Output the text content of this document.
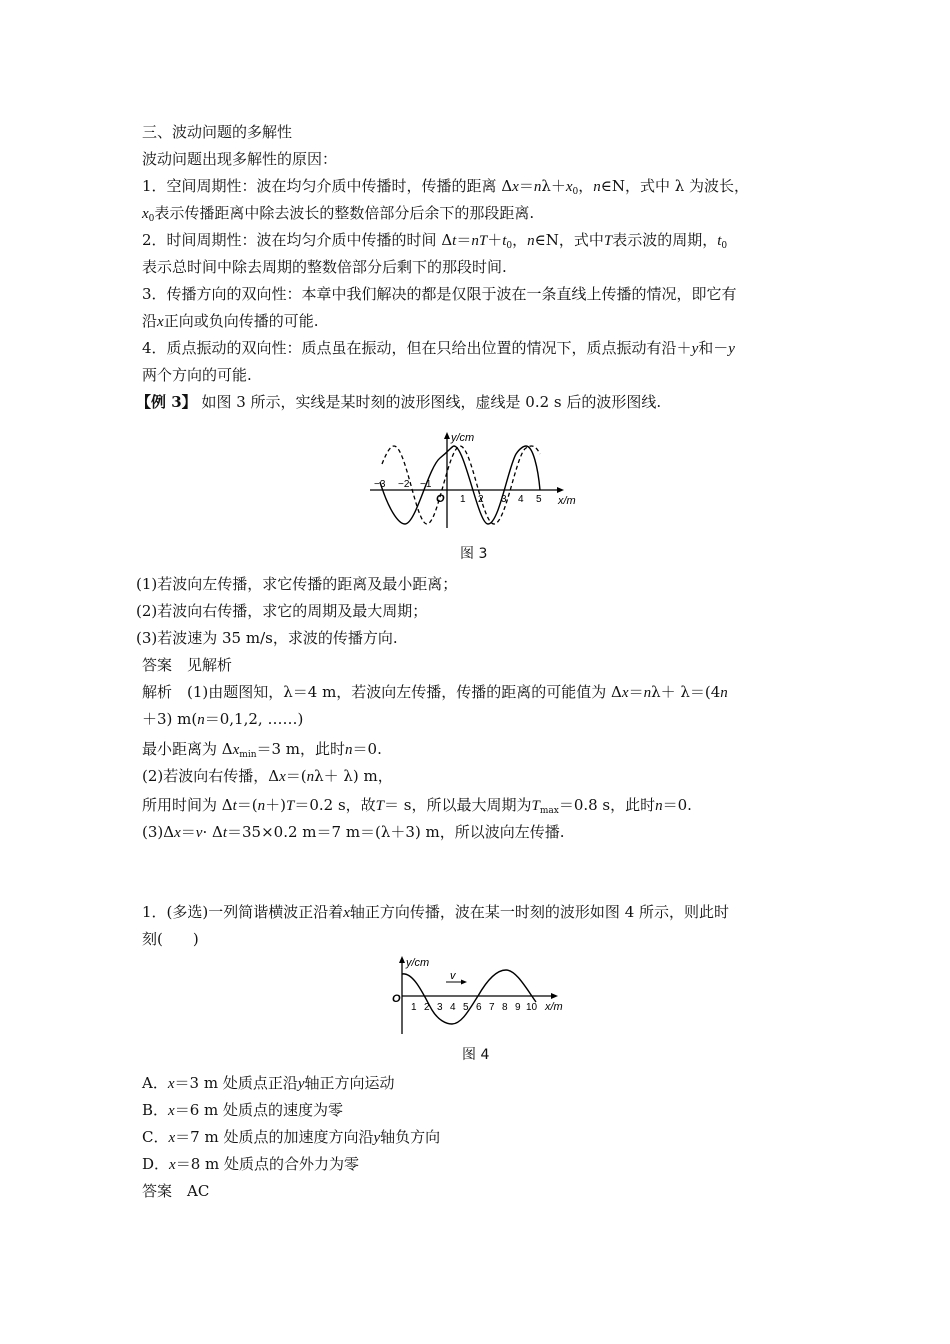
三、波动问题的多解性
波动问题出现多解性的原因：
1．空间周期性：波在均匀介质中传播时，传播的距离 $\Delta x=n\lambda+x_0$，n∈N，式中 λ 为波长，
$x_0$表示传播距离中除去波长的整数倍部分后余下的那段距离.
2．时间周期性：波在均匀介质中传播的时间 $\Delta t=nT+t_0$，n∈N，式中T表示波的周期，$t_0$
表示总时间中除去周期的整数倍部分后剩下的那段时间.
3．传播方向的双向性：本章中我们解决的都是仅限于波在一条直线上传播的情况，即它有
沿x正向或负向传播的可能.
4．质点振动的双向性：质点虽在振动，但在只给出位置的情况下，质点振动有沿＋y和－y
两个方向的可能.
【例 3】 如图 3 所示，实线是某时刻的波形图线，虚线是 0.2 s 后的波形图线.
y/cm
x/m
O
−3 −2 −1
1 2 3 4 5
图 3
(1)若波向左传播，求它传播的距离及最小距离；
(2)若波向右传播，求它的周期及最大周期；
(3)若波速为 35 m/s，求波的传播方向.
答案　见解析
解析　(1)由题图知，λ＝4 m，若波向左传播，传播的距离的可能值为 Δx＝nλ＋ λ＝(4n
＋3) m(n＝0,1,2, ……)
最小距离为 $\Delta x_{min}=3$ m，此时n＝0.
(2)若波向右传播，Δx＝(nλ＋ λ) m，
所用时间为 Δt＝(n＋)T＝0.2 s，故T＝ s，所以最大周期为$T_{max}=0.8$ s，此时n＝0.
(3)Δx＝v· Δt＝35×0.2 m＝7 m＝(λ＋3) m，所以波向左传播.
1．(多选)一列简谐横波正沿着x轴正方向传播，波在某一时刻的波形如图 4 所示，则此时
刻(　　)
v
y/cm
x/m
O
1 2 3 4 5 6 7 8 9 10
图 4
A．x＝3 m 处质点正沿y轴正方向运动
B．x＝6 m 处质点的速度为零
C．x＝7 m 处质点的加速度方向沿y轴负方向
D．x＝8 m 处质点的合外力为零
答案　AC
